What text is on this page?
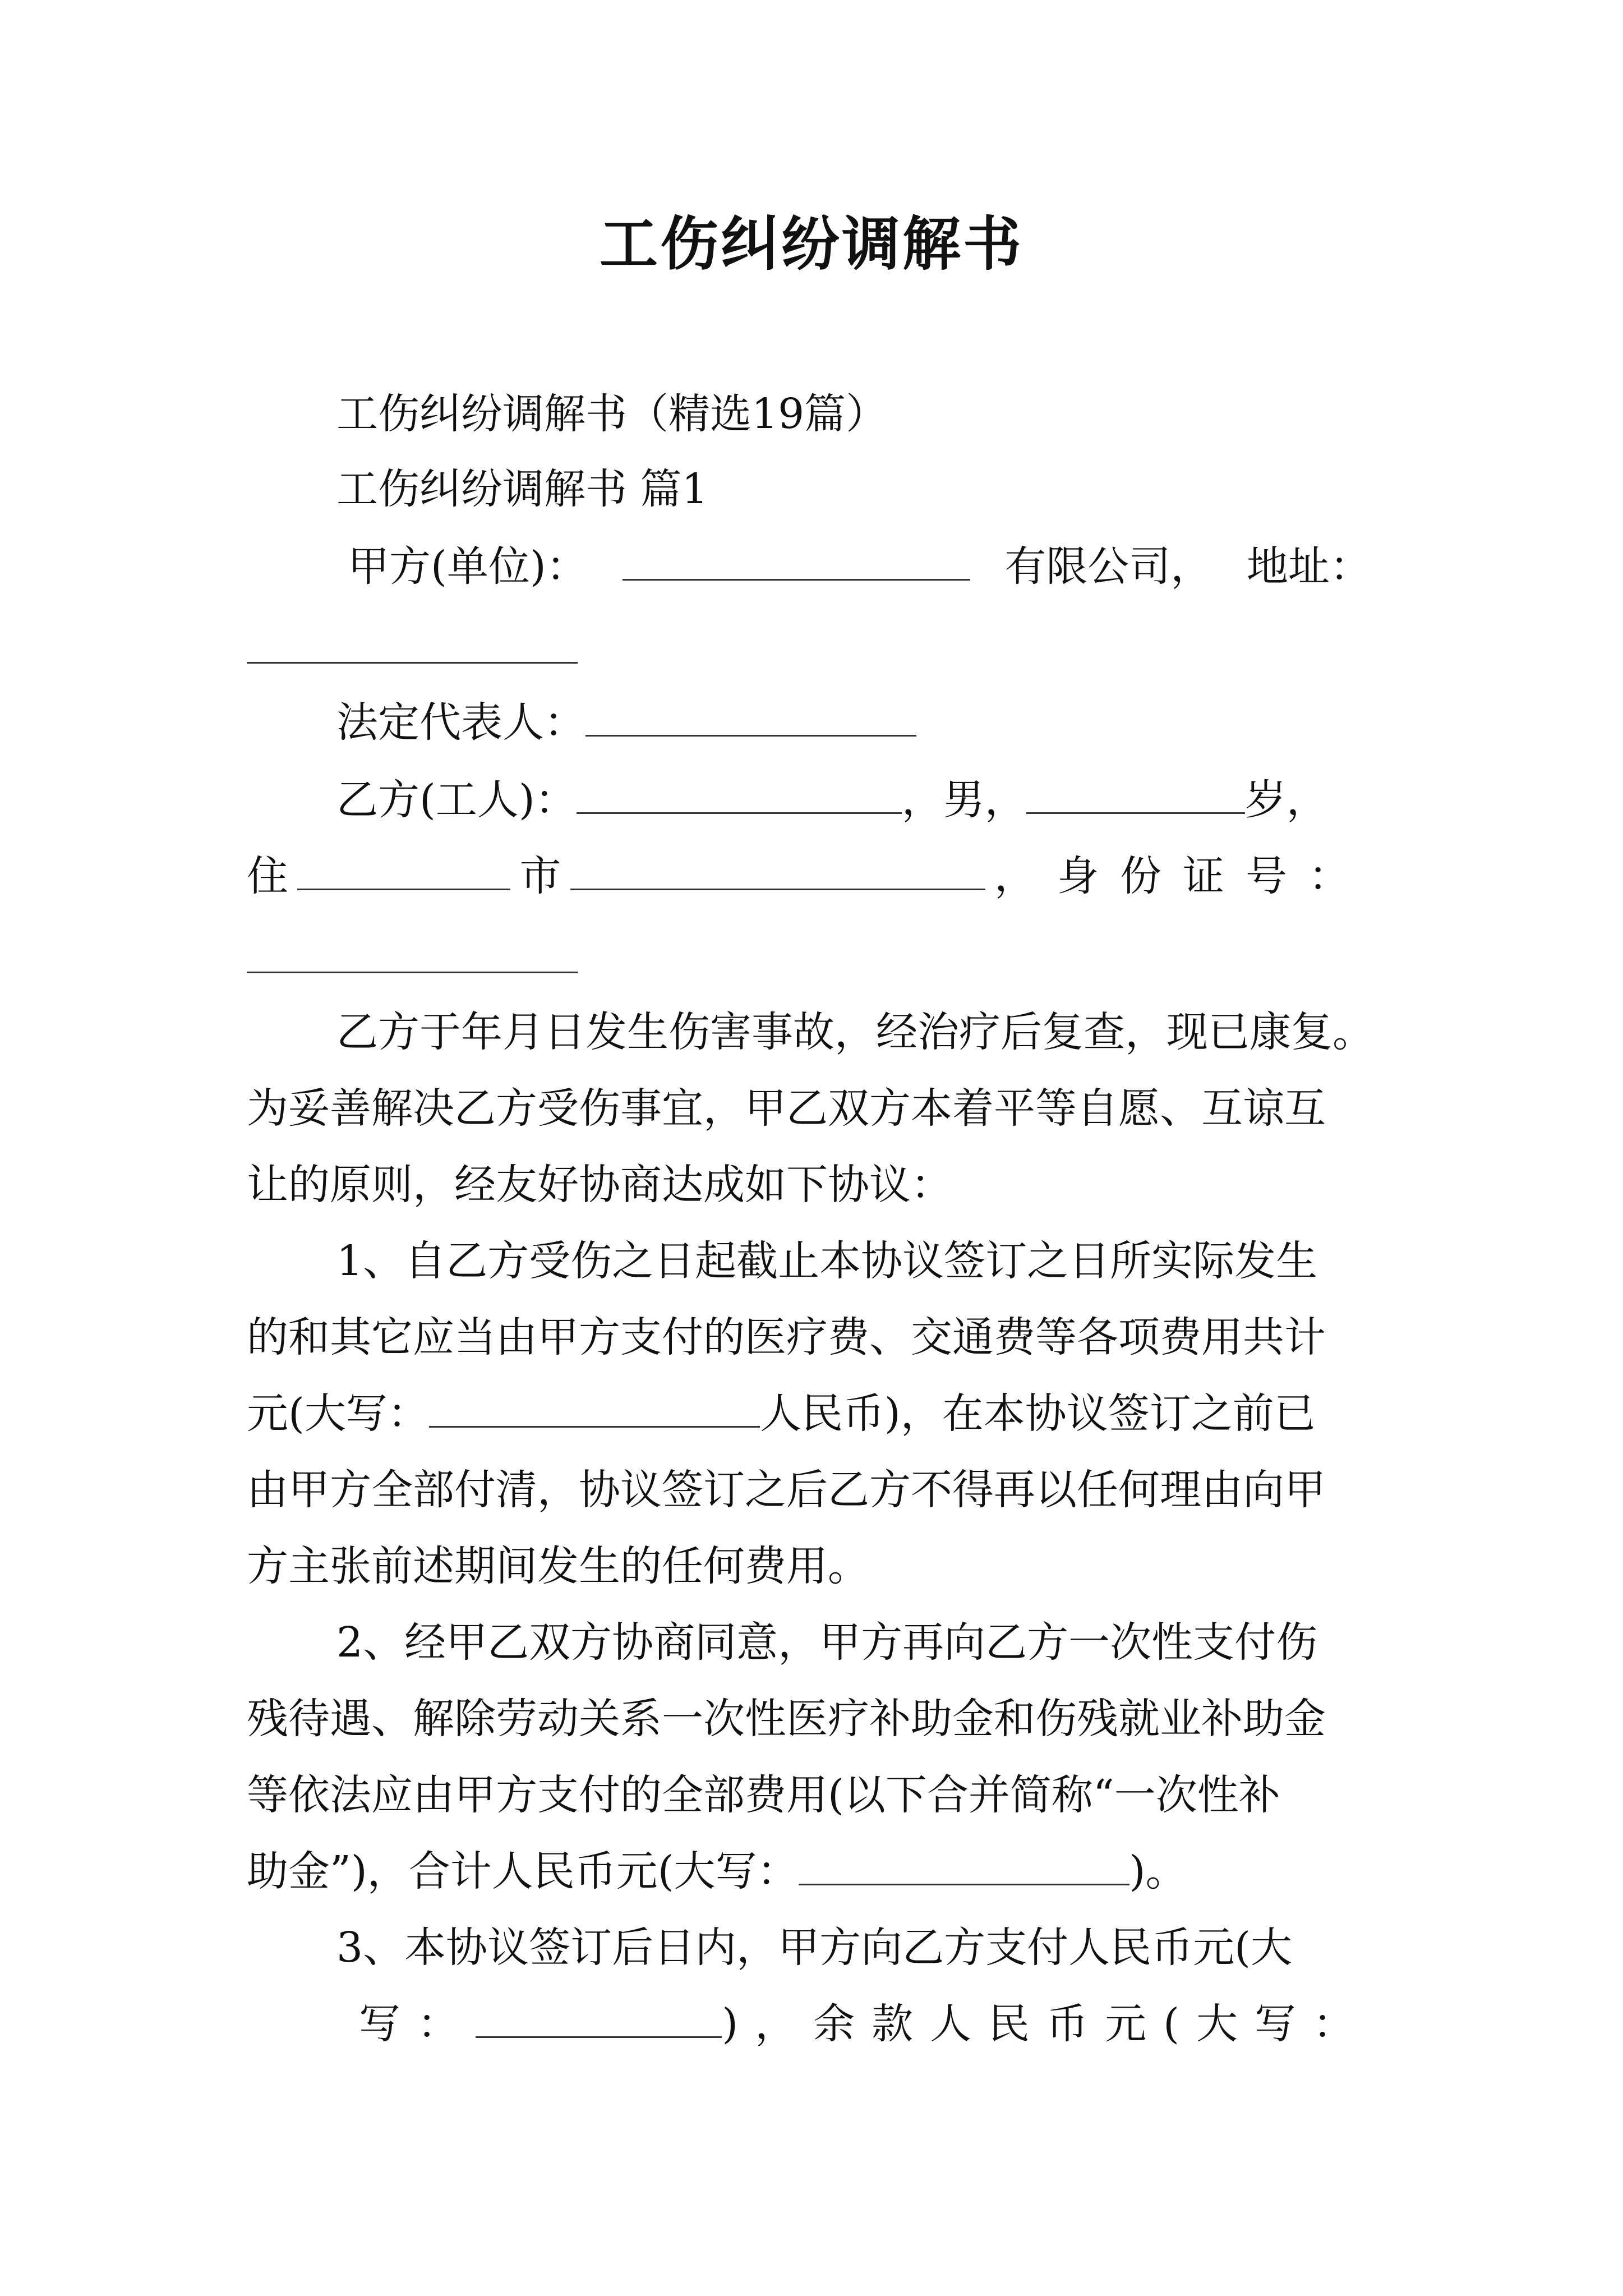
工伤纠纷调解书
工伤纠纷调解书（精选19篇）
工伤纠纷调解书 篇1
甲方(单位)：	有限公司， 地址：
法定代表人：
乙方(工人)：	，男，	岁，
住	市	，身份证号：
乙方于年月日发生伤害事故，经治疗后复查，现已康复。
为妥善解决乙方受伤事宜，甲乙双方本着平等自愿、互谅互
让的原则，经友好协商达成如下协议：
1、自乙方受伤之日起截止本协议签订之日所实际发生
的和其它应当由甲方支付的医疗费、交通费等各项费用共计
元(大写：	人民币)，在本协议签订之前已
由甲方全部付清，协议签订之后乙方不得再以任何理由向甲
方主张前述期间发生的任何费用。
2、经甲乙双方协商同意，甲方再向乙方一次性支付伤
残待遇、解除劳动关系一次性医疗补助金和伤残就业补助金
等依法应由甲方支付的全部费用(以下合并简称“一次性补
助金”)，合计人民币元(大写：	)。
3、本协议签订后日内，甲方向乙方支付人民币元(大
写：	)，余款人民币元(大写：
